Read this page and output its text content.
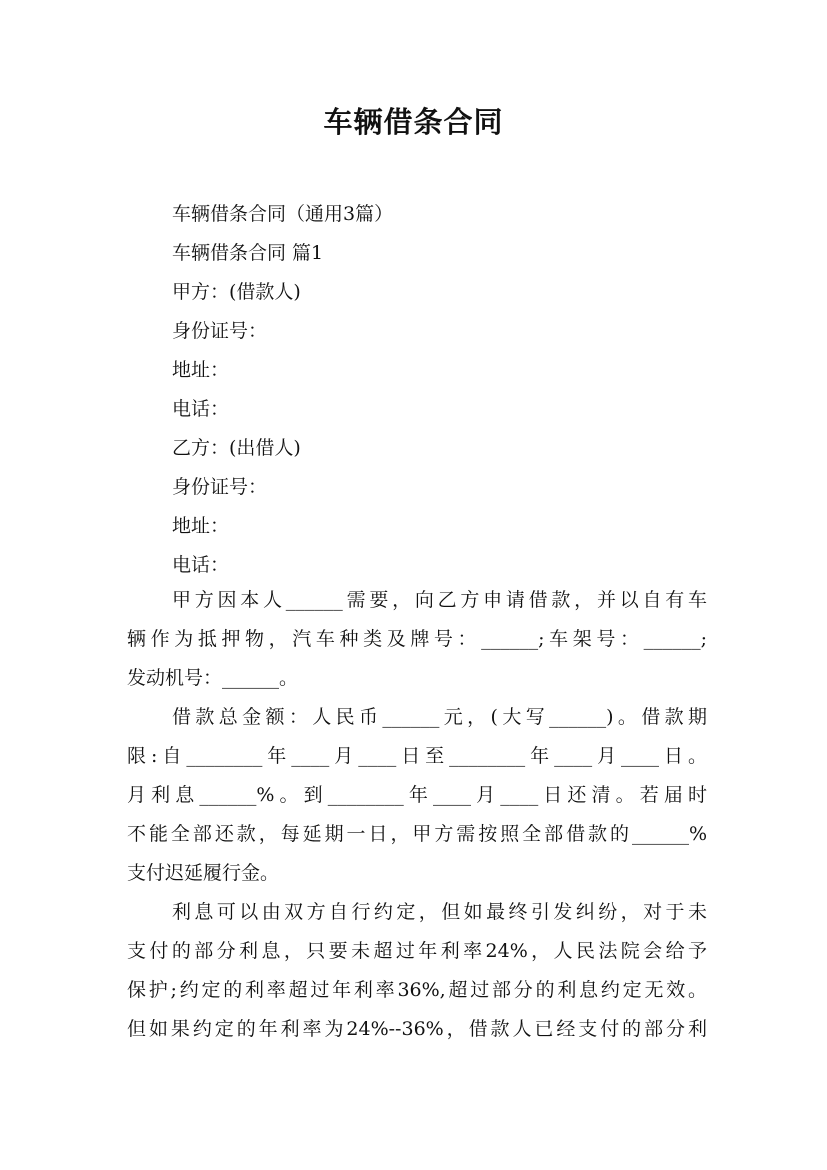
车辆借条合同
车辆借条合同（通用3篇）
车辆借条合同 篇1
甲方：(借款人)
身份证号：
地址：
电话：
乙方：(出借人)
身份证号：
地址：
电话：
甲方因本人______需要，向乙方申请借款，并以自有车
辆作为抵押物，汽车种类及牌号：______;车架号：______;
发动机号：______。
借款总金额：人民币______元，(大写______)。借款期
限:自________年____月____日至________年____月____日。
月利息______%。到________年____月____日还清。若届时
不能全部还款，每延期一日，甲方需按照全部借款的______%
支付迟延履行金。
利息可以由双方自行约定，但如最终引发纠纷，对于未
支付的部分利息，只要未超过年利率24%，人民法院会给予
保护;约定的利率超过年利率36%,超过部分的利息约定无效。
但如果约定的年利率为24%--36%，借款人已经支付的部分利
